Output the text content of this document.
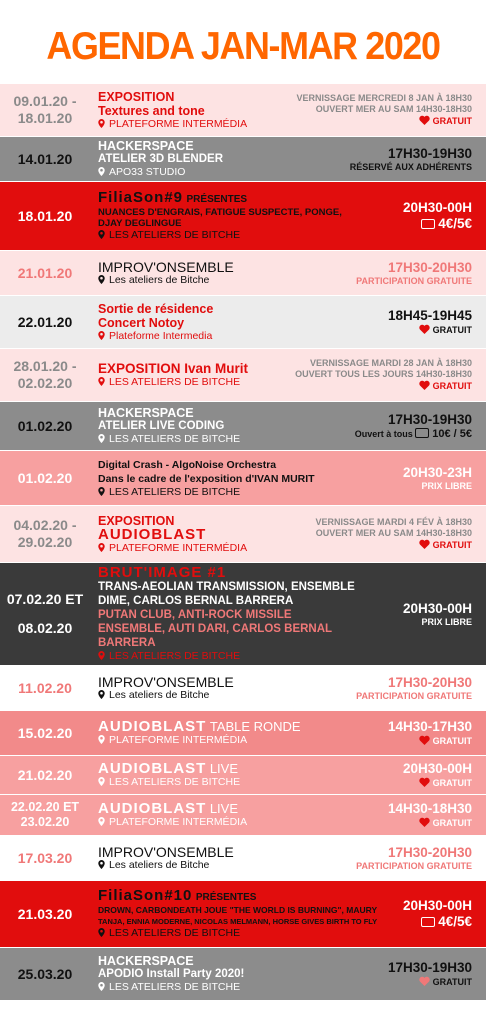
AGENDA JAN-MAR 2020
09.01.20 -
18.01.20
EXPOSITION
Textures and tone
PLATEFORME INTERMÉDIA
VERNISSAGE MERCREDI 8 JAN À 18H30
OUVERT MER AU SAM 14H30-18H30
GRATUIT
14.01.20
HACKERSPACE
ATELIER 3D BLENDER
APO33 STUDIO
17H30-19H30
RÉSERVÉ AUX ADHÉRENTS
18.01.20
FiliaSon#9 PRÉSENTES
NUANCES D'ENGRAIS, FATIGUE SUSPECTE, PONGE, DJAY DEGLINGUE
LES ATELIERS DE BITCHE
20H30-00H
4€/5€
21.01.20 IMPROV'ONSEMBLE
Les ateliers de Bitche
17H30-20H30
PARTICIPATION GRATUITE
22.01.20
Sortie de résidence
Concert Notoy
Plateforme Intermedia
18H45-19H45
GRATUIT
28.01.20 -
02.02.20
EXPOSITION Ivan Murit
LES ATELIERS DE BITCHE
VERNISSAGE MARDI 28 JAN À 18H30
OUVERT TOUS LES JOURS 14H30-18H30
GRATUIT
01.02.20
HACKERSPACE
ATELIER LIVE CODING
LES ATELIERS DE BITCHE
17H30-19H30
Ouvert à tous 10€ / 5€
01.02.20
Digital Crash - AlgoNoise Orchestra
Dans le cadre de l'exposition d'IVAN MURIT
LES ATELIERS DE BITCHE
20H30-23H
PRIX LIBRE
04.02.20 -
29.02.20
EXPOSITION
AUDIOBLAST
PLATEFORME INTERMÉDIA
VERNISSAGE MARDI 4 FÉV À 18H30
OUVERT MER AU SAM 14H30-18H30
GRATUIT
07.02.20 ET
08.02.20
BRUT'IMAGE #1
TRANS-AEOLIAN TRANSMISSION, ENSEMBLE DIME, CARLOS BERNAL BARRERA
PUTAN CLUB, ANTI-ROCK MISSILE ENSEMBLE, AUTI DARI, CARLOS BERNAL BARRERA
LES ATELIERS DE BITCHE
20H30-00H
PRIX LIBRE
11.02.20 IMPROV'ONSEMBLE
Les ateliers de Bitche
17H30-20H30
PARTICIPATION GRATUITE
15.02.20 AUDIOBLAST TABLE RONDE
PLATEFORME INTERMÉDIA
14H30-17H30
GRATUIT
21.02.20 AUDIOBLAST LIVE
LES ATELIERS DE BITCHE
20H30-00H
GRATUIT
22.02.20 ET
23.02.20
AUDIOBLAST LIVE
PLATEFORME INTERMÉDIA
14H30-18H30
GRATUIT
17.03.20 IMPROV'ONSEMBLE
Les ateliers de Bitche
17H30-20H30
PARTICIPATION GRATUITE
21.03.20
FiliaSon#10 PRÉSENTES
DROWN, CARBONDEATH JOUE "THE WORLD IS BURNING", MAURY
TANJA, ENNIA MODERNE, NICOLAS MELMANN, HORSE GIVES BIRTH TO FLY
LES ATELIERS DE BITCHE
20H30-00H
4€/5€
25.03.20
HACKERSPACE
APODIO Install Party 2020!
LES ATELIERS DE BITCHE
17H30-19H30
GRATUIT
